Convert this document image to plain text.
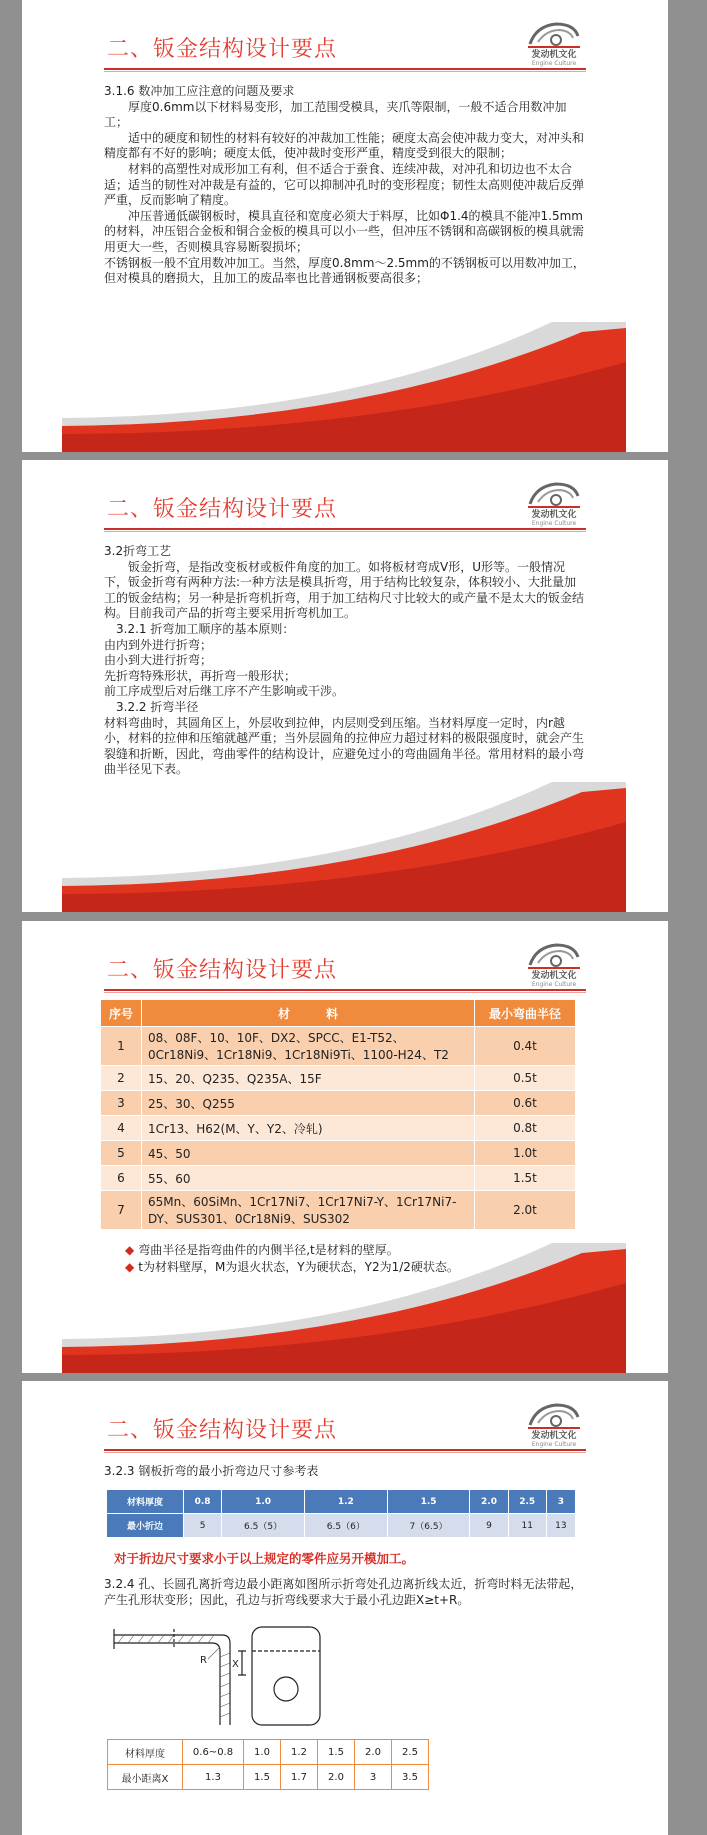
二、钣金结构设计要点	发动机文化
Engine Culture

3.1.6 数冲加工应注意的问题及要求

厚度0.6mm以下材料易变形，加工范围受模具，夹爪等限制，一般不适合用数冲加工；

适中的硬度和韧性的材料有较好的冲裁加工性能；硬度太高会使冲裁力变大，对冲头和精度都有不好的影响；硬度太低，使冲裁时变形严重，精度受到很大的限制；

材料的高塑性对成形加工有利，但不适合于蚕食、连续冲裁，对冲孔和切边也不太合适；适当的韧性对冲裁是有益的，它可以抑制冲孔时的变形程度；韧性太高则使冲裁后反弹严重，反而影响了精度。

冲压普通低碳钢板时，模具直径和宽度必须大于料厚，比如Φ1.4的模具不能冲1.5mm的材料，冲压铝合金板和铜合金板的模具可以小一些，但冲压不锈钢和高碳钢板的模具就需用更大一些，否则模具容易断裂损坏；

不锈钢板一般不宜用数冲加工。当然，厚度0.8mm～2.5mm的不锈钢板可以用数冲加工，但对模具的磨损大，且加工的废品率也比普通钢板要高很多；

二、钣金结构设计要点	发动机文化
Engine Culture

3.2折弯工艺

钣金折弯，是指改变板材或板件角度的加工。如将板材弯成V形，U形等。一般情况下，钣金折弯有两种方法:一种方法是模具折弯，用于结构比较复杂，体积较小、大批量加工的钣金结构；另一种是折弯机折弯，用于加工结构尺寸比较大的或产量不是太大的钣金结构。目前我司产品的折弯主要采用折弯机加工。

3.2.1 折弯加工顺序的基本原则：

由内到外进行折弯；

由小到大进行折弯；

先折弯特殊形状，再折弯一般形状；

前工序成型后对后继工序不产生影响或干涉。

3.2.2 折弯半径

材料弯曲时，其圆角区上，外层收到拉伸，内层则受到压缩。当材料厚度一定时，内r越小，材料的拉伸和压缩就越严重；当外层圆角的拉伸应力超过材料的极限强度时，就会产生裂缝和折断，因此，弯曲零件的结构设计，应避免过小的弯曲圆角半径。常用材料的最小弯曲半径见下表。

二、钣金结构设计要点	发动机文化
Engine Culture
序号	材　　　料	最小弯曲半径
1	08、08F、10、10F、DX2、SPCC、E1-T52、0Cr18Ni9、1Cr18Ni9、1Cr18Ni9Ti、1100-H24、T2	0.4t
2	15、20、Q235、Q235A、15F	0.5t
3	25、30、Q255	0.6t
4	1Cr13、H62(M、Y、Y2、冷轧)	0.8t
5	45、50	1.0t
6	55、60	1.5t
7	65Mn、60SiMn、1Cr17Ni7、1Cr17Ni7-Y、1Cr17Ni7-DY、SUS301、0Cr18Ni9、SUS302	2.0t
◆ 弯曲半径是指弯曲件的内侧半径,t是材料的壁厚。
◆ t为材料壁厚，M为退火状态，Y为硬状态，Y2为1/2硬状态。
二、钣金结构设计要点	发动机文化
Engine Culture
3.2.3 钢板折弯的最小折弯边尺寸参考表
材料厚度	0.8	1.0	1.2	1.5	2.0	2.5	3
最小折边	5	6.5（5）	6.5（6）	7（6.5）	9	11	13
对于折边尺寸要求小于以上规定的零件应另开模加工。
3.2.4 孔、长圆孔离折弯边最小距离如图所示折弯处孔边离折线太近，折弯时料无法带起，产生孔形状变形；因此，孔边与折弯线要求大于最小孔边距X≥t+R。
R	X
材料厚度	0.6~0.8	1.0	1.2	1.5	2.0	2.5
最小距离X	1.3	1.5	1.7	2.0	3	3.5
